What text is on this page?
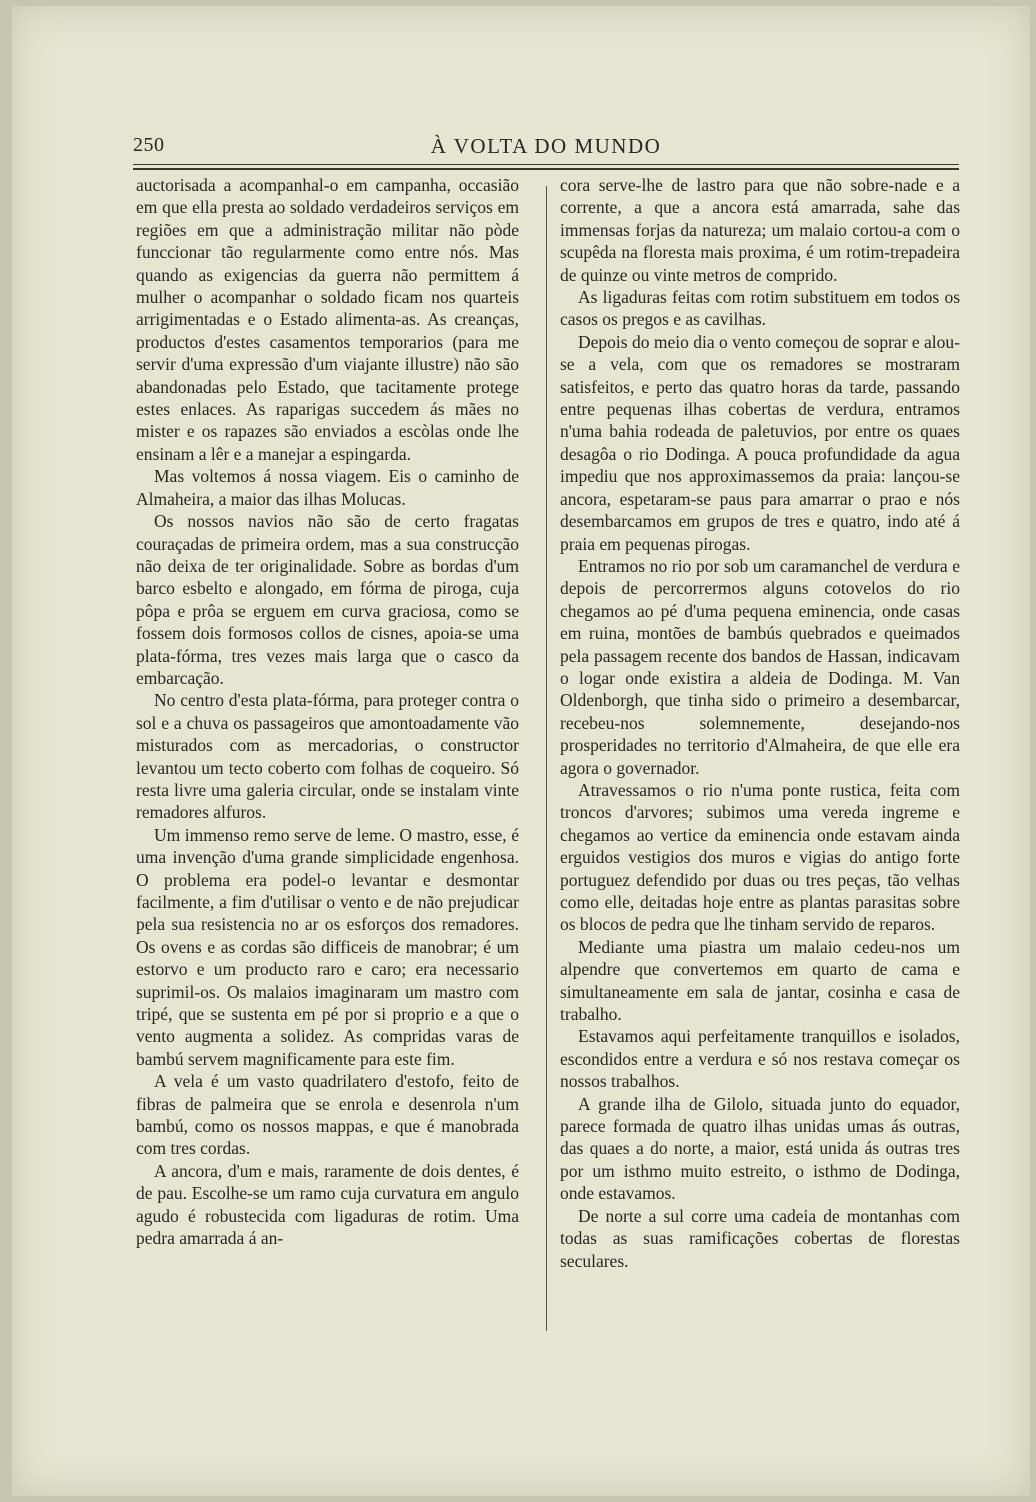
250	À VOLTA DO MUNDO

auctorisada a acompanhal-o em campanha, occasião em que ella presta ao soldado verdadeiros serviços em regiões em que a administração militar não pòde funccionar tão regularmente como entre nós. Mas quando as exigencias da guerra não permittem á mulher o acompanhar o soldado ficam nos quarteis arrigimentadas e o Estado alimenta-as. As creanças, productos d'estes casamentos temporarios (para me servir d'uma expressão d'um viajante illustre) não são abandonadas pelo Estado, que tacitamente protege estes enlaces. As raparigas succedem ás mães no mister e os rapazes são enviados a escòlas onde lhe ensinam a lêr e a manejar a espingarda.

Mas voltemos á nossa viagem. Eis o caminho de Almaheira, a maior das ilhas Molucas.

Os nossos navios não são de certo fragatas couraçadas de primeira ordem, mas a sua construcção não deixa de ter originalidade. Sobre as bordas d'um barco esbelto e alongado, em fórma de piroga, cuja pôpa e prôa se erguem em curva graciosa, como se fossem dois formosos collos de cisnes, apoia-se uma plata-fórma, tres vezes mais larga que o casco da embarcação.

No centro d'esta plata-fórma, para proteger contra o sol e a chuva os passageiros que amontoadamente vão misturados com as mercadorias, o constructor levantou um tecto coberto com folhas de coqueiro. Só resta livre uma galeria circular, onde se instalam vinte remadores alfuros.

Um immenso remo serve de leme. O mastro, esse, é uma invenção d'uma grande simplicidade engenhosa. O problema era podel-o levantar e desmontar facilmente, a fim d'utilisar o vento e de não prejudicar pela sua resistencia no ar os esforços dos remadores. Os ovens e as cordas são difficeis de manobrar; é um estorvo e um producto raro e caro; era necessario suprimil-os. Os malaios imaginaram um mastro com tripé, que se sustenta em pé por si proprio e a que o vento augmenta a solidez. As compridas varas de bambú servem magnificamente para este fim.

A vela é um vasto quadrilatero d'estofo, feito de fibras de palmeira que se enrola e desenrola n'um bambú, como os nossos mappas, e que é manobrada com tres cordas.

A ancora, d'um e mais, raramente de dois dentes, é de pau. Escolhe-se um ramo cuja curvatura em angulo agudo é robustecida com ligaduras de rotim. Uma pedra amarrada á an-

cora serve-lhe de lastro para que não sobre-nade e a corrente, a que a ancora está amarrada, sahe das immensas forjas da natureza; um malaio cortou-a com o scupêda na floresta mais proxima, é um rotim-trepadeira de quinze ou vinte metros de comprido.

As ligaduras feitas com rotim substituem em todos os casos os pregos e as cavilhas.

Depois do meio dia o vento começou de soprar e alou-se a vela, com que os remadores se mostraram satisfeitos, e perto das quatro horas da tarde, passando entre pequenas ilhas cobertas de verdura, entramos n'uma bahia rodeada de paletuvios, por entre os quaes desagôa o rio Dodinga. A pouca profundidade da agua impediu que nos approximassemos da praia: lançou-se ancora, espetaram-se paus para amarrar o prao e nós desembarcamos em grupos de tres e quatro, indo até á praia em pequenas pirogas.

Entramos no rio por sob um caramanchel de verdura e depois de percorrermos alguns cotovelos do rio chegamos ao pé d'uma pequena eminencia, onde casas em ruina, montões de bambús quebrados e queimados pela passagem recente dos bandos de Hassan, indicavam o logar onde existira a aldeia de Dodinga. M. Van Oldenborgh, que tinha sido o primeiro a desembarcar, recebeu-nos solemnemente, desejando-nos prosperidades no territorio d'Almaheira, de que elle era agora o governador.

Atravessamos o rio n'uma ponte rustica, feita com troncos d'arvores; subimos uma vereda ingreme e chegamos ao vertice da eminencia onde estavam ainda erguidos vestigios dos muros e vigias do antigo forte portuguez defendido por duas ou tres peças, tão velhas como elle, deitadas hoje entre as plantas parasitas sobre os blocos de pedra que lhe tinham servido de reparos.

Mediante uma piastra um malaio cedeu-nos um alpendre que convertemos em quarto de cama e simultaneamente em sala de jantar, cosinha e casa de trabalho.

Estavamos aqui perfeitamente tranquillos e isolados, escondidos entre a verdura e só nos restava começar os nossos trabalhos.

A grande ilha de Gilolo, situada junto do equador, parece formada de quatro ilhas unidas umas ás outras, das quaes a do norte, a maior, está unida ás outras tres por um isthmo muito estreito, o isthmo de Dodinga, onde estavamos.

De norte a sul corre uma cadeia de montanhas com todas as suas ramificações cobertas de florestas seculares.
